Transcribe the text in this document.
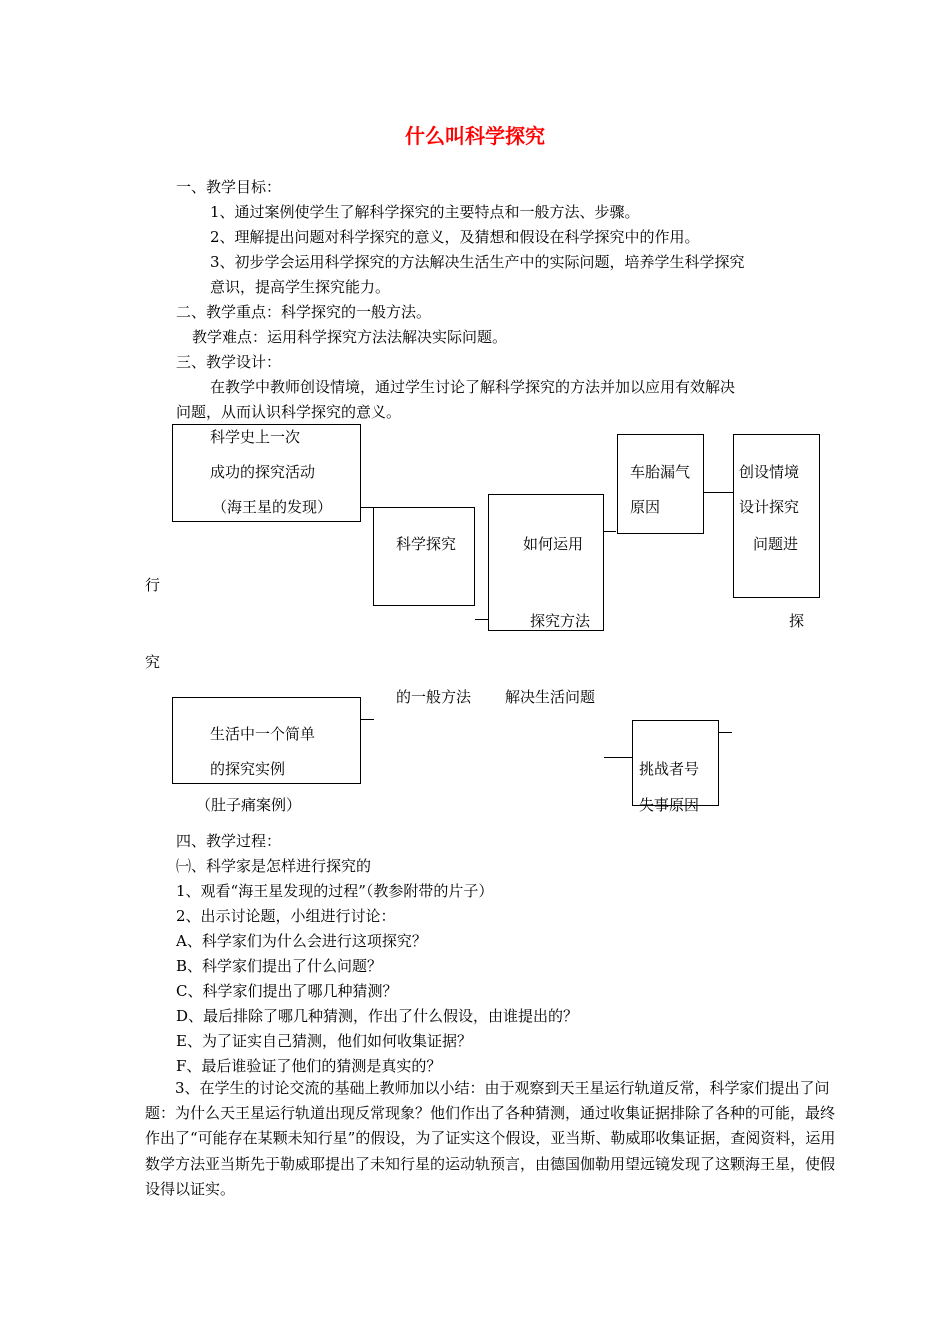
什么叫科学探究
一、教学目标：
1、通过案例使学生了解科学探究的主要特点和一般方法、步骤。
2、理解提出问题对科学探究的意义，及猜想和假设在科学探究中的作用。
3、初步学会运用科学探究的方法解决生活生产中的实际问题，培养学生科学探究
意识，提高学生探究能力。
二、教学重点：科学探究的一般方法。
教学难点：运用科学探究方法法解决实际问题。
三、教学设计：
在教学中教师创设情境，通过学生讨论了解科学探究的方法并加以应用有效解决
问题，从而认识科学探究的意义。
科学史上一次
成功的探究活动
（海王星的发现）
科学探究	如何运用
探究方法
车胎漏气
原因
创设情境
设计探究
问题进
行
探
究
的一般方法 解决生活问题
生活中一个简单
的探究实例
（肚子痛案例）
挑战者号
失事原因
四、教学过程：
㈠、科学家是怎样进行探究的
1、观看“海王星发现的过程”（教参附带的片子）
2、出示讨论题，小组进行讨论：
A、科学家们为什么会进行这项探究？
B、科学家们提出了什么问题？
C、科学家们提出了哪几种猜测？
D、最后排除了哪几种猜测，作出了什么假设，由谁提出的？
E、为了证实自己猜测，他们如何收集证据？
F、最后谁验证了他们的猜测是真实的？
3、在学生的讨论交流的基础上教师加以小结：由于观察到天王星运行轨道反常，科学家们提出了问题：为什么天王星运行轨道出现反常现象？他们作出了各种猜测，通过收集证据排除了各种的可能，最终作出了“可能存在某颗未知行星”的假设，为了证实这个假设，亚当斯、勒威耶收集证据，查阅资料，运用数学方法亚当斯先于勒威耶提出了未知行星的运动轨预言，由德国伽勒用望远镜发现了这颗海王星，使假设得以证实。
